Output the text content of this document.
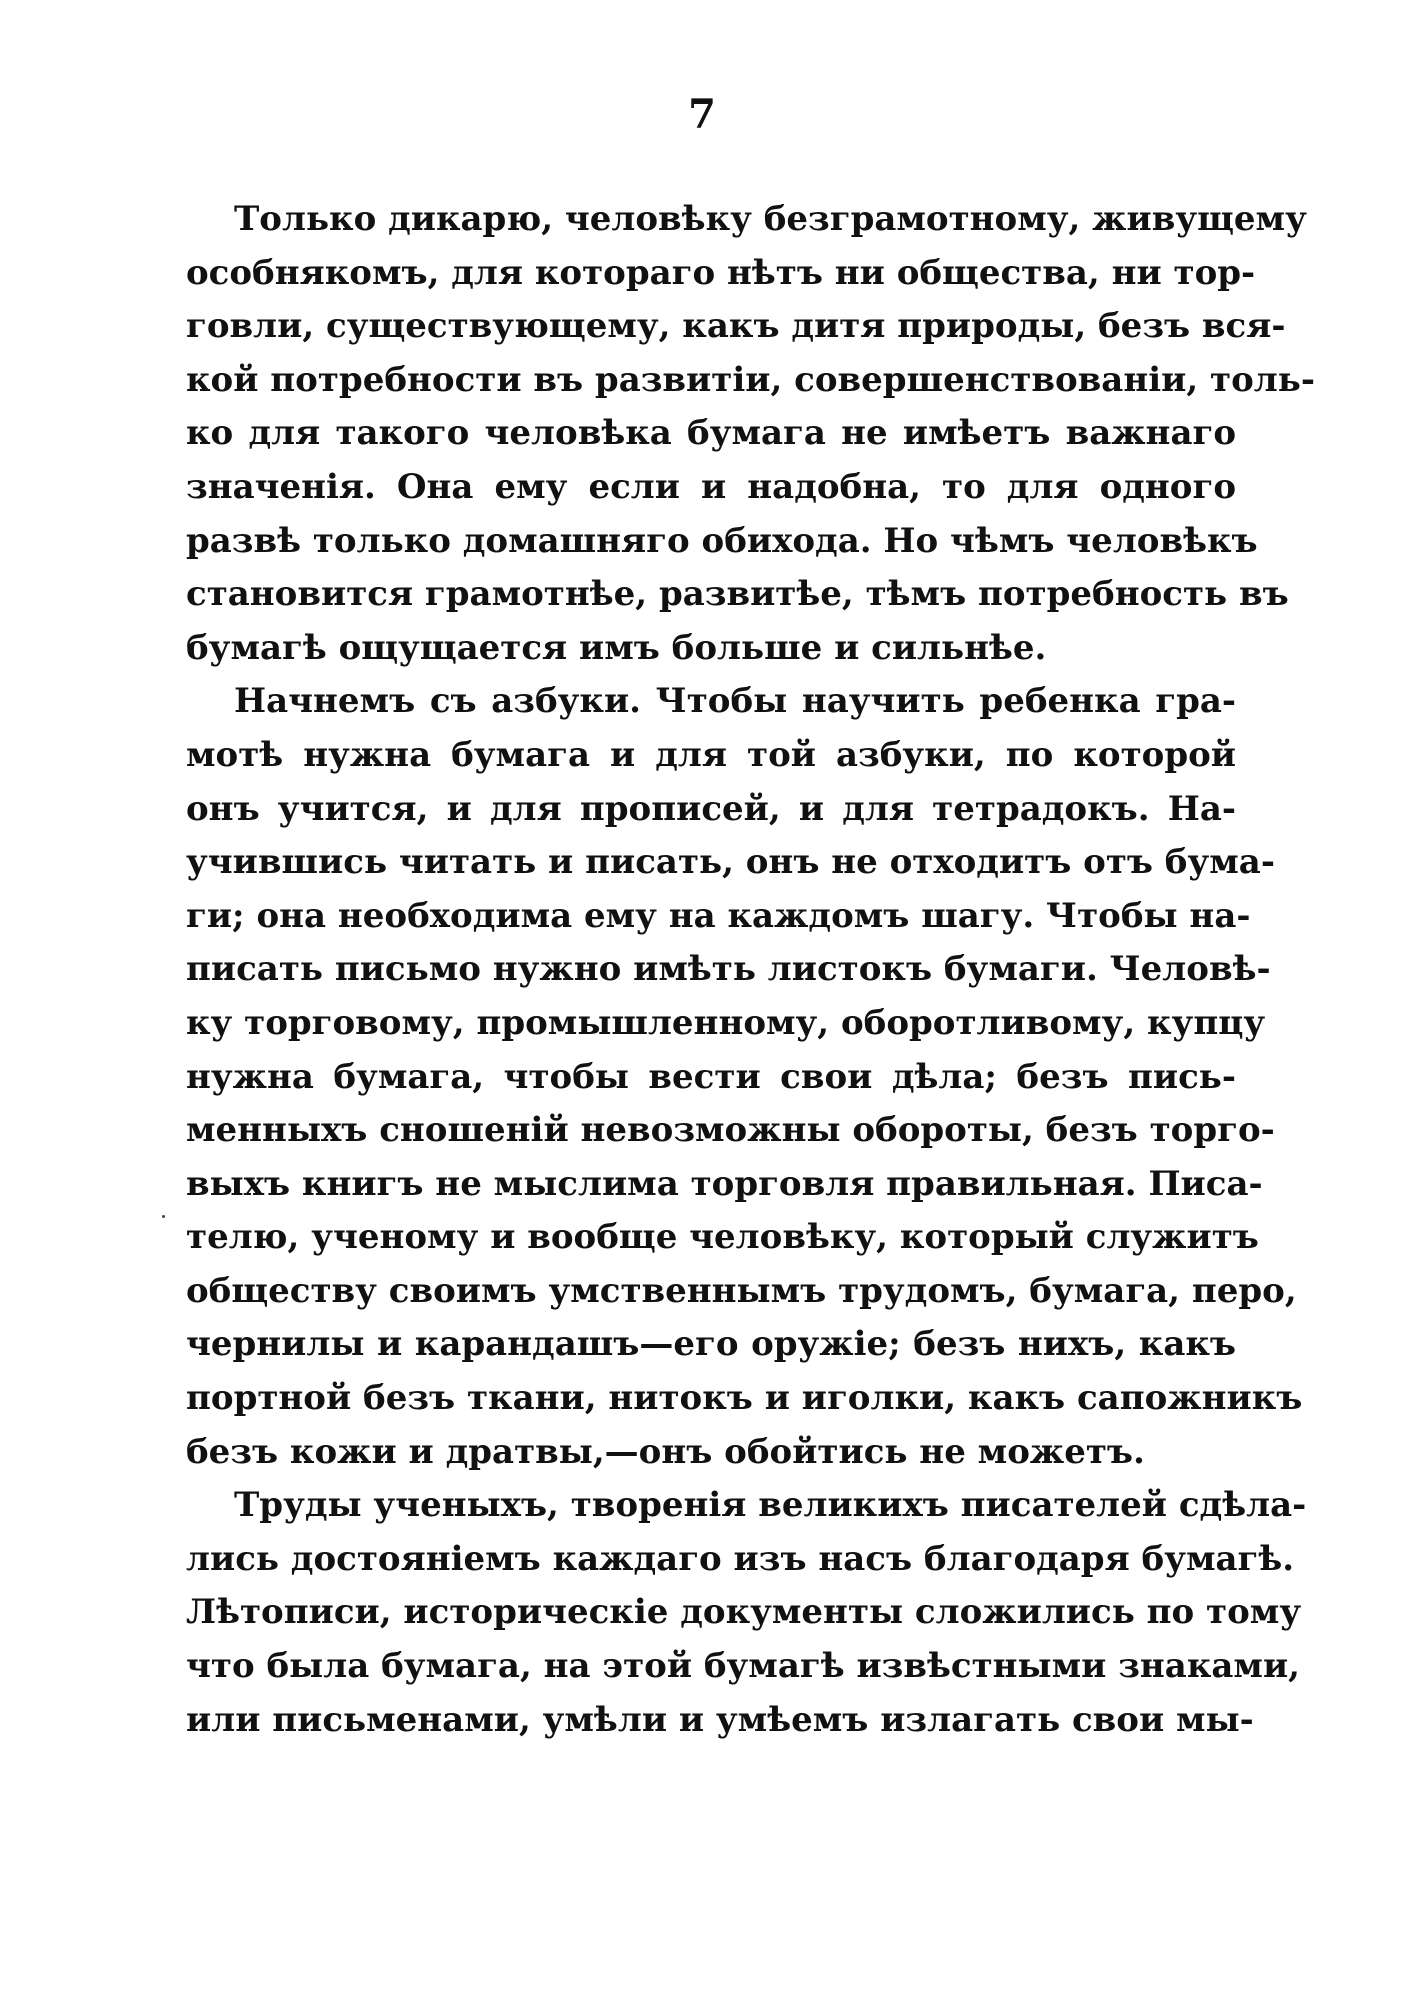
7
Только дикарю, человѣку безграмотному, живущему
особнякомъ, для котораго нѣтъ ни общества, ни тор-
говли, существующему, какъ дитя природы, безъ вся-
кой потребности въ развитіи, совершенствованіи, толь-
ко для такого человѣка бумага не имѣетъ важнаго
значенія. Она ему если и надобна, то для одного
развѣ только домашняго обихода. Но чѣмъ человѣкъ
становится грамотнѣе, развитѣе, тѣмъ потребность въ
бумагѣ ощущается имъ больше и сильнѣе.
Начнемъ съ азбуки. Чтобы научить ребенка гра-
мотѣ нужна бумага и для той азбуки, по которой
онъ учится, и для прописей, и для тетрадокъ. На-
учившись читать и писать, онъ не отходитъ отъ бума-
ги; она необходима ему на каждомъ шагу. Чтобы на-
писать письмо нужно имѣть листокъ бумаги. Человѣ-
ку торговому, промышленному, оборотливому, купцу
нужна бумага, чтобы вести свои дѣла; безъ пись-
менныхъ сношеній невозможны обороты, безъ торго-
выхъ книгъ не мыслима торговля правильная. Писа-
телю, ученому и вообще человѣку, который служитъ
обществу своимъ умственнымъ трудомъ, бумага, перо,
чернилы и карандашъ—его оружіе; безъ нихъ, какъ
портной безъ ткани, нитокъ и иголки, какъ сапожникъ
безъ кожи и дратвы,—онъ обойтись не можетъ.
Труды ученыхъ, творенія великихъ писателей сдѣла-
лись достояніемъ каждаго изъ насъ благодаря бумагѣ.
Лѣтописи, историческіе документы сложились по тому
что была бумага, на этой бумагѣ извѣстными знаками,
или письменами, умѣли и умѣемъ излагать свои мы-
